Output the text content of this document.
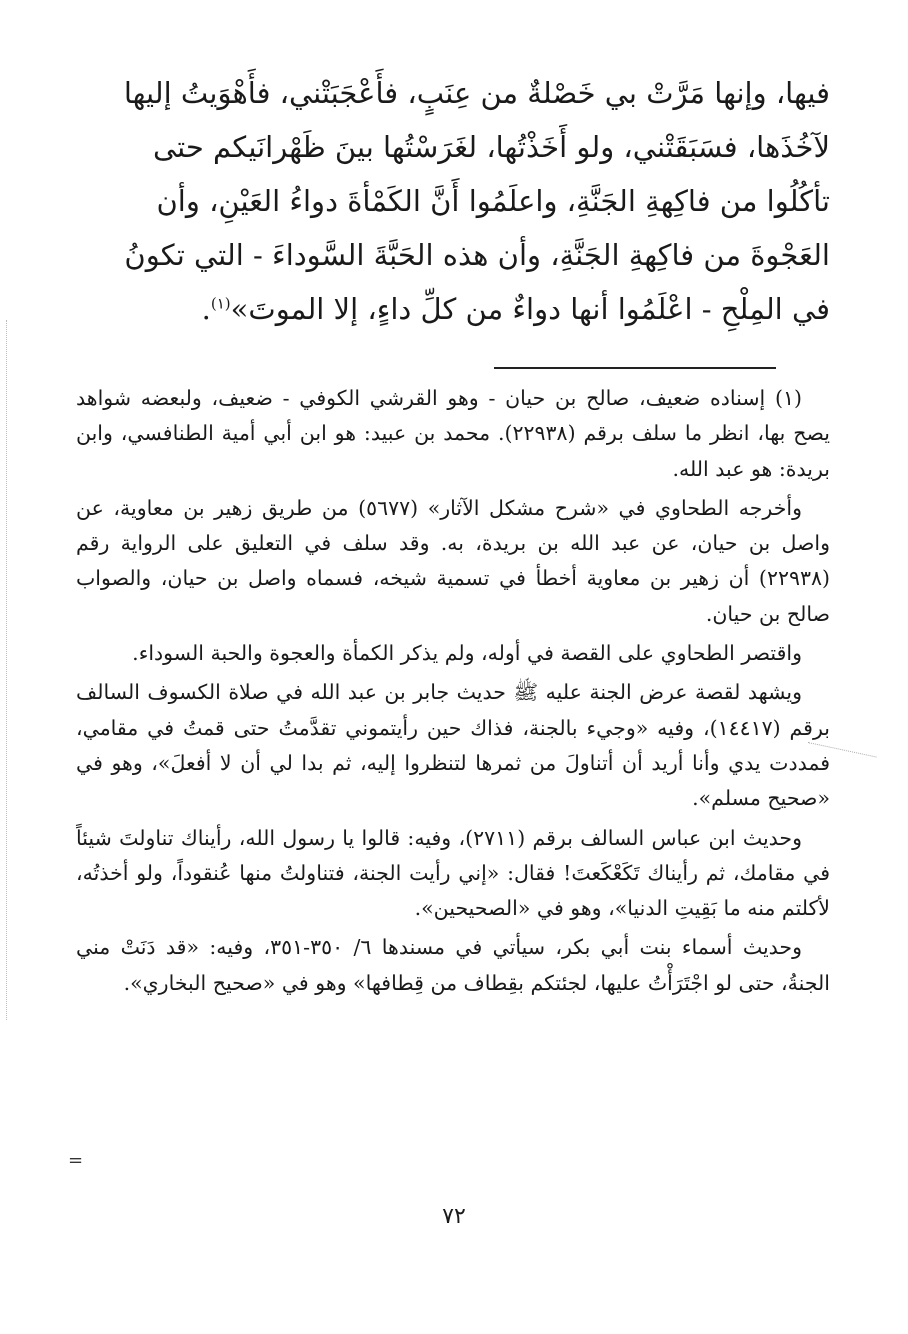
فيها، وإنها مَرَّتْ بي خَصْلةٌ من عِنَبٍ، فأَعْجَبَتْني، فأَهْوَيتُ إليها

لآخُذَها، فسَبَقَتْني، ولو أَخَذْتُها، لغَرَسْتُها بينَ ظَهْرانَيكم حتى

تأكُلُوا من فاكِهةِ الجَنَّةِ، واعلَمُوا أَنَّ الكَمْأةَ دواءُ العَيْنِ، وأن

العَجْوةَ من فاكِهةِ الجَنَّةِ، وأن هذه الحَبَّةَ السَّوداءَ - التي تكونُ

في المِلْحِ - اعْلَمُوا أنها دواءٌ من كلِّ داءٍ، إلا الموتَ»$^{(١)}$.

(١) إسناده ضعيف، صالح بن حيان - وهو القرشي الكوفي - ضعيف، ولبعضه شواهد يصح بها، انظر ما سلف برقم (٢٢٩٣٨). محمد بن عبيد: هو ابن أبي أمية الطنافسي، وابن بريدة: هو عبد الله.

وأخرجه الطحاوي في «شرح مشكل الآثار» (٥٦٧٧) من طريق زهير بن معاوية، عن واصل بن حيان، عن عبد الله بن بريدة، به. وقد سلف في التعليق على الرواية رقم (٢٢٩٣٨) أن زهير بن معاوية أخطأ في تسمية شيخه، فسماه واصل بن حيان، والصواب صالح بن حيان.

واقتصر الطحاوي على القصة في أوله، ولم يذكر الكمأة والعجوة والحبة السوداء.

ويشهد لقصة عرض الجنة عليه ﷺ حديث جابر بن عبد الله في صلاة الكسوف السالف برقم (١٤٤١٧)، وفيه «وجيء بالجنة، فذاك حين رأيتموني تقدَّمتُ حتى قمتُ في مقامي، فمددت يدي وأنا أريد أن أتناولَ من ثمرها لتنظروا إليه، ثم بدا لي أن لا أفعلَ»، وهو في «صحيح مسلم».

وحديث ابن عباس السالف برقم (٢٧١١)، وفيه: قالوا يا رسول الله، رأيناك تناولتَ شيئاً في مقامك، ثم رأيناك تَكَعْكَعتَ! فقال: «إني رأيت الجنة، فتناولتُ منها عُنقوداً، ولو أخذتُه، لأكلتم منه ما بَقِيتِ الدنيا»، وهو في «الصحيحين».

وحديث أسماء بنت أبي بكر، سيأتي في مسندها ٦/ ٣٥٠-٣٥١، وفيه: «قد دَنَتْ مني الجنةُ، حتى لو اجْتَرَأْتُ عليها، لجئتكم بقِطاف من قِطافها» وهو في «صحيح البخاري».

=
٧٢
